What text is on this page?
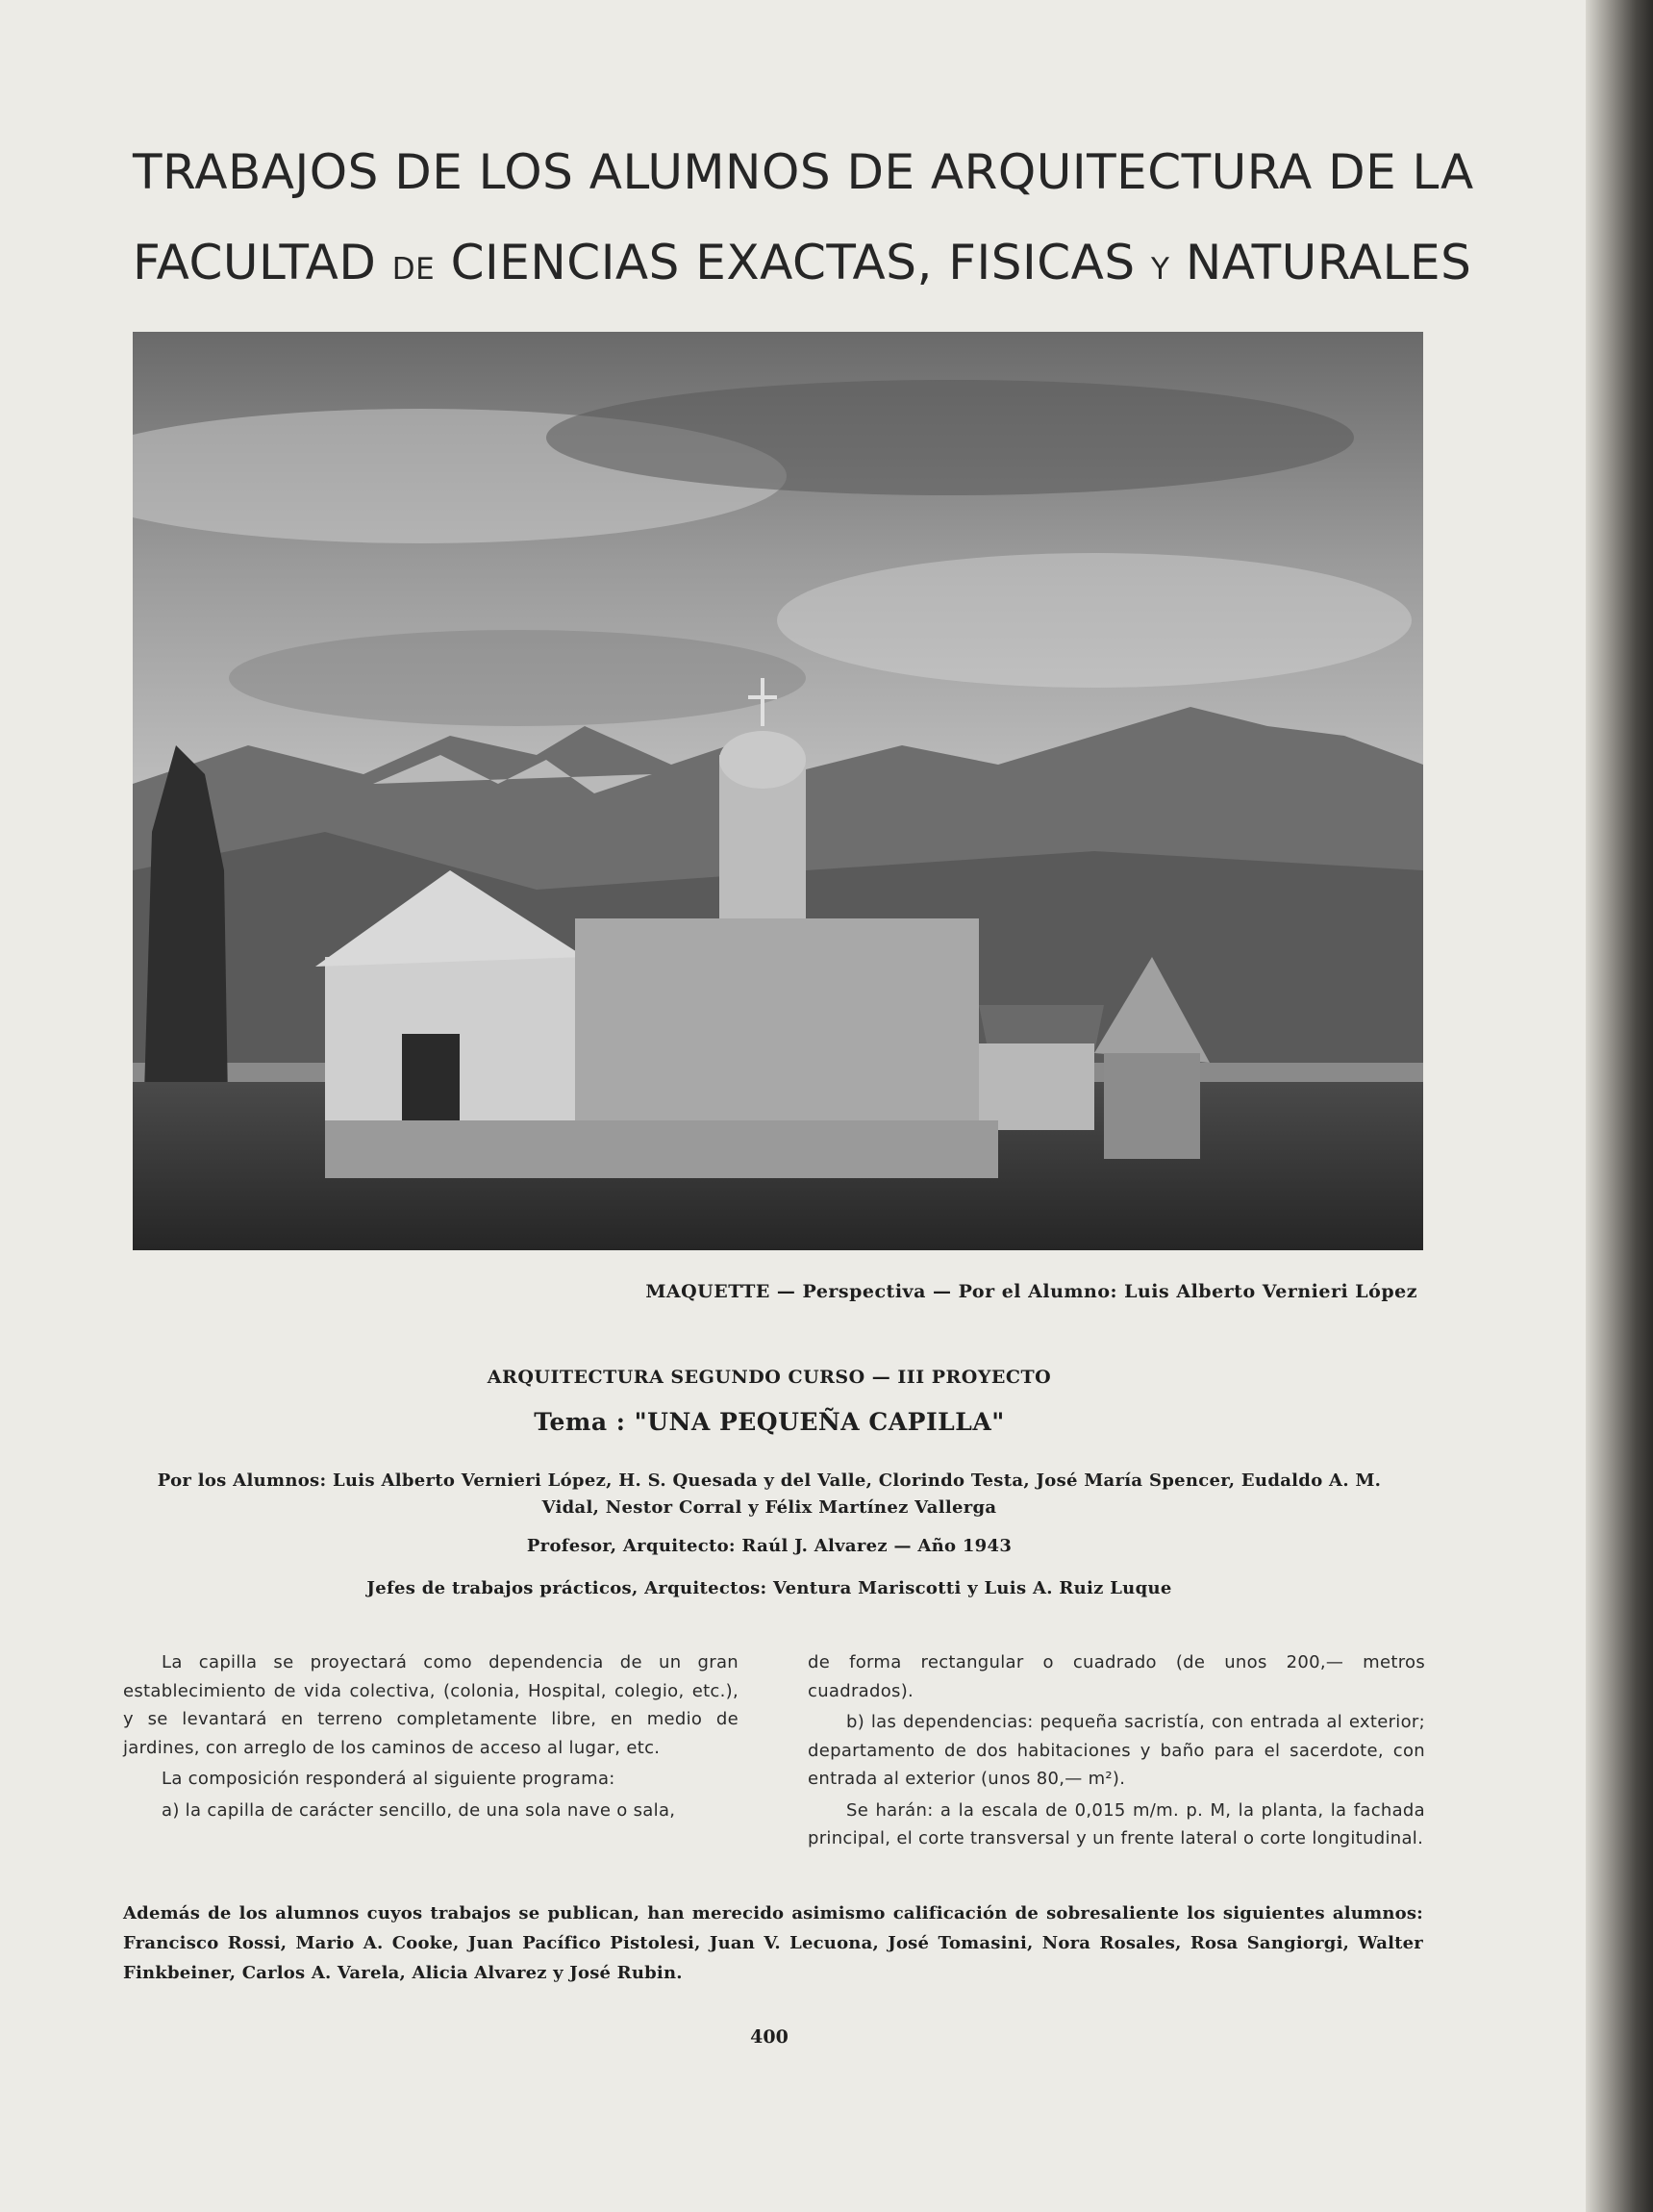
TRABAJOS DE LOS ALUMNOS DE ARQUITECTURA DE LA
FACULTAD DE CIENCIAS EXACTAS, FISICAS Y NATURALES
MAQUETTE — Perspectiva — Por el Alumno: Luis Alberto Vernieri López
ARQUITECTURA SEGUNDO CURSO — III PROYECTO
Tema : "UNA PEQUEÑA CAPILLA"
Por los Alumnos: Luis Alberto Vernieri López, H. S. Quesada y del Valle, Clorindo Testa, José María Spencer, Eudaldo A. M.
Vidal, Nestor Corral y Félix Martínez Vallerga
Profesor, Arquitecto: Raúl J. Alvarez — Año 1943
Jefes de trabajos prácticos, Arquitectos: Ventura Mariscotti y Luis A. Ruiz Luque

La capilla se proyectará como dependencia de un gran establecimiento de vida colectiva, (colonia, Hospital, colegio, etc.), y se levantará en terreno completamente libre, en medio de jardines, con arreglo de los caminos de acceso al lugar, etc.

La composición responderá al siguiente programa:

a) la capilla de carácter sencillo, de una sola nave o sala,

de forma rectangular o cuadrado (de unos 200,— metros cuadrados).

b) las dependencias: pequeña sacristía, con entrada al exterior; departamento de dos habitaciones y baño para el sacerdote, con entrada al exterior (unos 80,— m²).

Se harán: a la escala de 0,015 m/m. p. M, la planta, la fachada principal, el corte transversal y un frente lateral o corte longitudinal.

Además de los alumnos cuyos trabajos se publican, han merecido asimismo calificación de sobresaliente los siguientes alumnos: Francisco Rossi, Mario A. Cooke, Juan Pacífico Pistolesi, Juan V. Lecuona, José Tomasini, Nora Rosales, Rosa Sangiorgi, Walter Finkbeiner, Carlos A. Varela, Alicia Alvarez y José Rubin.
400
